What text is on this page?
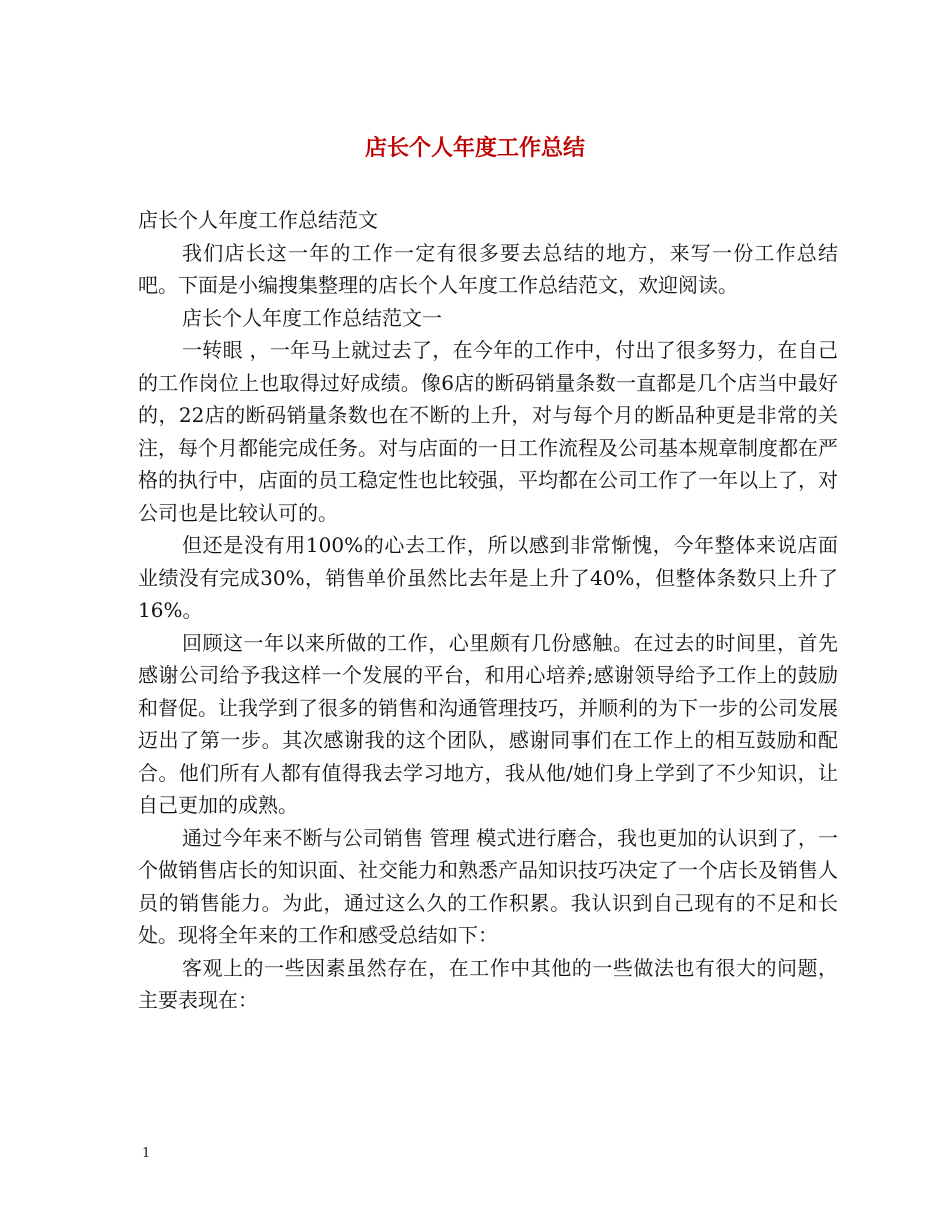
店长个人年度工作总结

店长个人年度工作总结范文

我们店长这一年的工作一定有很多要去总结的地方，来写一份工作总结吧。下面是小编搜集整理的店长个人年度工作总结范文，欢迎阅读。

店长个人年度工作总结范文一

一转眼 ，一年马上就过去了，在今年的工作中，付出了很多努力，在自己的工作岗位上也取得过好成绩。像6店的断码销量条数一直都是几个店当中最好的，22店的断码销量条数也在不断的上升，对与每个月的断品种更是非常的关注，每个月都能完成任务。对与店面的一日工作流程及公司基本规章制度都在严格的执行中，店面的员工稳定性也比较强，平均都在公司工作了一年以上了，对公司也是比较认可的。

但还是没有用100%的心去工作，所以感到非常惭愧，今年整体来说店面业绩没有完成30%，销售单价虽然比去年是上升了40%，但整体条数只上升了16%。

回顾这一年以来所做的工作，心里颇有几份感触。在过去的时间里，首先感谢公司给予我这样一个发展的平台，和用心培养;感谢领导给予工作上的鼓励和督促。让我学到了很多的销售和沟通管理技巧，并顺利的为下一步的公司发展迈出了第一步。其次感谢我的这个团队，感谢同事们在工作上的相互鼓励和配合。他们所有人都有值得我去学习地方，我从他/她们身上学到了不少知识，让自己更加的成熟。

通过今年来不断与公司销售 管理 模式进行磨合，我也更加的认识到了，一个做销售店长的知识面、社交能力和熟悉产品知识技巧决定了一个店长及销售人员的销售能力。为此，通过这么久的工作积累。我认识到自己现有的不足和长处。现将全年来的工作和感受总结如下：

客观上的一些因素虽然存在，在工作中其他的一些做法也有很大的问题，主要表现在：

1
